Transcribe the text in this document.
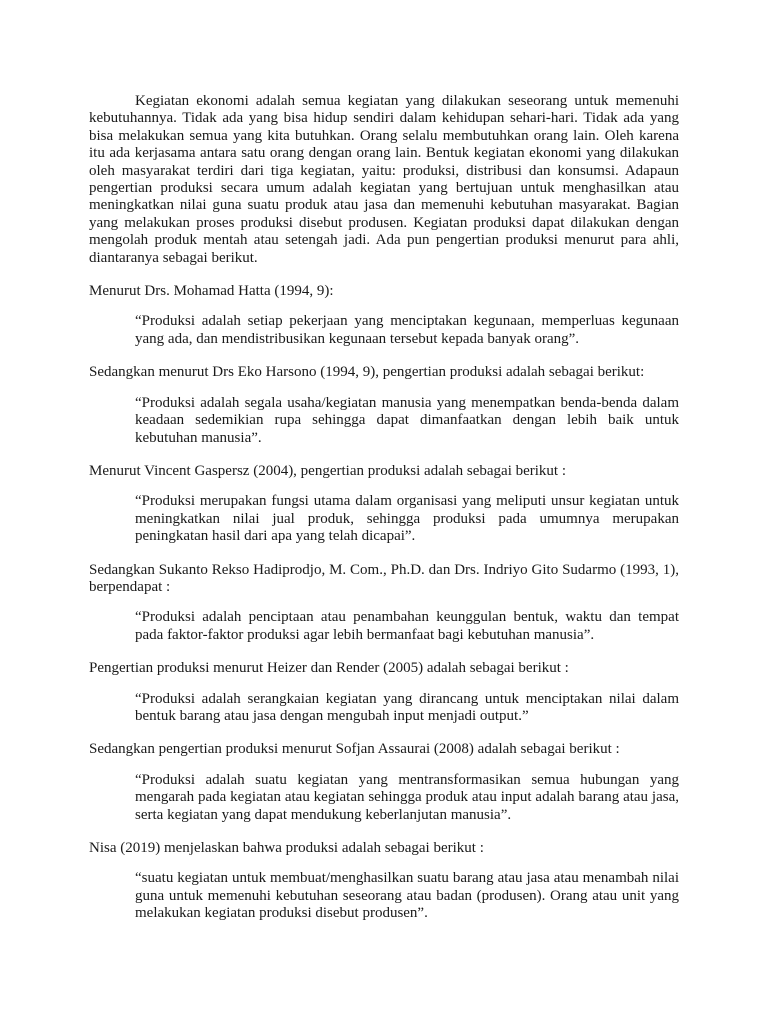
Kegiatan ekonomi adalah semua kegiatan yang dilakukan seseorang untuk memenuhi kebutuhannya. Tidak ada yang bisa hidup sendiri dalam kehidupan sehari-hari. Tidak ada yang bisa melakukan semua yang kita butuhkan. Orang selalu membutuhkan orang lain. Oleh karena itu ada kerjasama antara satu orang dengan orang lain. Bentuk kegiatan ekonomi yang dilakukan oleh masyarakat terdiri dari tiga kegiatan, yaitu: produksi, distribusi dan konsumsi. Adapaun pengertian produksi secara umum adalah kegiatan yang bertujuan untuk menghasilkan atau meningkatkan nilai guna suatu produk atau jasa dan memenuhi kebutuhan masyarakat. Bagian yang melakukan proses produksi disebut produsen. Kegiatan produksi dapat dilakukan dengan mengolah produk mentah atau setengah jadi. Ada pun pengertian produksi menurut para ahli, diantaranya sebagai berikut.

Menurut Drs. Mohamad Hatta (1994, 9):

“Produksi adalah setiap pekerjaan yang menciptakan kegunaan, memperluas kegunaan yang ada, dan mendistribusikan kegunaan tersebut kepada banyak orang”.

Sedangkan menurut Drs Eko Harsono (1994, 9), pengertian produksi adalah sebagai berikut:

“Produksi adalah segala usaha/kegiatan manusia yang menempatkan benda-benda dalam keadaan sedemikian rupa sehingga dapat dimanfaatkan dengan lebih baik untuk kebutuhan manusia”.

Menurut Vincent Gaspersz (2004), pengertian produksi adalah sebagai berikut :

“Produksi merupakan fungsi utama dalam organisasi yang meliputi unsur kegiatan untuk meningkatkan nilai jual produk, sehingga produksi pada umumnya merupakan peningkatan hasil dari apa yang telah dicapai”.

Sedangkan Sukanto Rekso Hadiprodjo, M. Com., Ph.D. dan Drs. Indriyo Gito Sudarmo (1993, 1), berpendapat :

“Produksi adalah penciptaan atau penambahan keunggulan bentuk, waktu dan tempat pada faktor-faktor produksi agar lebih bermanfaat bagi kebutuhan manusia”.

Pengertian produksi menurut Heizer dan Render (2005) adalah sebagai berikut :

“Produksi adalah serangkaian kegiatan yang dirancang untuk menciptakan nilai dalam bentuk barang atau jasa dengan mengubah input menjadi output.”

Sedangkan pengertian produksi menurut Sofjan Assaurai (2008) adalah sebagai berikut :

“Produksi adalah suatu kegiatan yang mentransformasikan semua hubungan yang mengarah pada kegiatan atau kegiatan sehingga produk atau input adalah barang atau jasa, serta kegiatan yang dapat mendukung keberlanjutan manusia”.

Nisa (2019) menjelaskan bahwa produksi adalah sebagai berikut :

“suatu kegiatan untuk membuat/menghasilkan suatu barang atau jasa atau menambah nilai guna untuk memenuhi kebutuhan seseorang atau badan (produsen). Orang atau unit yang melakukan kegiatan produksi disebut produsen”.
